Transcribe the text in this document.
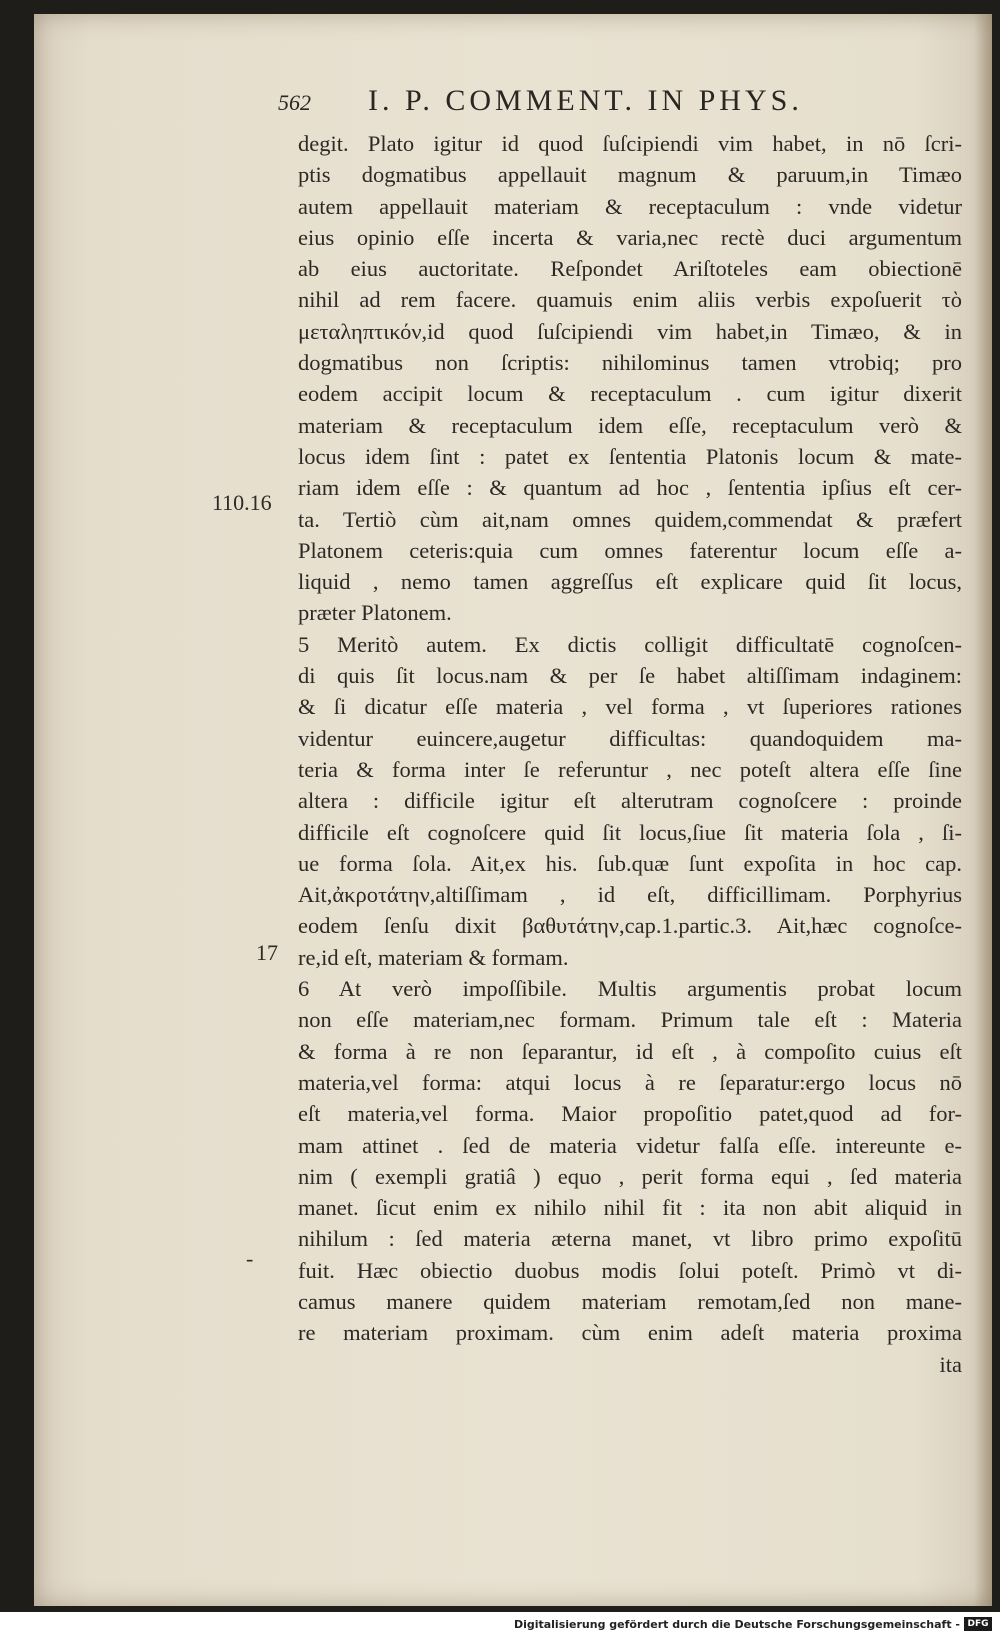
562 I. P. COMMENT. IN PHYS.
110.16
17
-
degit. Plato igitur id quod ſuſcipiendi vim habet, in nō ſcri-
ptis dogmatibus appellauit magnum & paruum,in Timæo
autem appellauit materiam & receptaculum : vnde videtur
eius opinio eſſe incerta & varia,nec rectè duci argumentum
ab eius auctoritate. Reſpondet Ariſtoteles eam obiectionē
nihil ad rem facere. quamuis enim aliis verbis expoſuerit τὸ
μεταληπτικόν,id quod ſuſcipiendi vim habet,in Timæo, & in
dogmatibus non ſcriptis: nihilominus tamen vtrobiq; pro
eodem accipit locum & receptaculum . cum igitur dixerit
materiam & receptaculum idem eſſe, receptaculum verò &
locus idem ſint : patet ex ſententia Platonis locum & mate-
riam idem eſſe : & quantum ad hoc , ſententia ipſius eſt cer-
ta. Tertiò cùm ait,nam omnes quidem,commendat & præfert
Platonem ceteris:quia cum omnes faterentur locum eſſe a-
liquid , nemo tamen aggreſſus eſt explicare quid ſit locus,
præter Platonem.
5 Meritò autem. Ex dictis colligit difficultatē cognoſcen-
di quis ſit locus.nam & per ſe habet altiſſimam indaginem:
& ſi dicatur eſſe materia , vel forma , vt ſuperiores rationes
videntur euincere,augetur difficultas: quandoquidem ma-
teria & forma inter ſe referuntur , nec poteſt altera eſſe ſine
altera : difficile igitur eſt alterutram cognoſcere : proinde
difficile eſt cognoſcere quid ſit locus,ſiue ſit materia ſola , ſi-
ue forma ſola. Ait,ex his. ſub.quæ ſunt expoſita in hoc cap.
Ait,ἀκροτάτην,altiſſimam , id eſt, difficillimam. Porphyrius
eodem ſenſu dixit βαθυτάτην,cap.1.partic.3. Ait,hæc cognoſce-
re,id eſt, materiam & formam.
6 At verò impoſſibile. Multis argumentis probat locum
non eſſe materiam,nec formam. Primum tale eſt : Materia
& forma à re non ſeparantur, id eſt , à compoſito cuius eſt
materia,vel forma: atqui locus à re ſeparatur:ergo locus nō
eſt materia,vel forma. Maior propoſitio patet,quod ad for-
mam attinet . ſed de materia videtur falſa eſſe. intereunte e-
nim ( exempli gratiâ ) equo , perit forma equi , ſed materia
manet. ſicut enim ex nihilo nihil fit : ita non abit aliquid in
nihilum : ſed materia æterna manet, vt libro primo expoſitū
fuit. Hæc obiectio duobus modis ſolui poteſt. Primò vt di-
camus manere quidem materiam remotam,ſed non mane-
re materiam proximam. cùm enim adeſt materia proxima
ita
Digitalisierung gefördert durch die Deutsche Forschungsgemeinschaft - DFG
